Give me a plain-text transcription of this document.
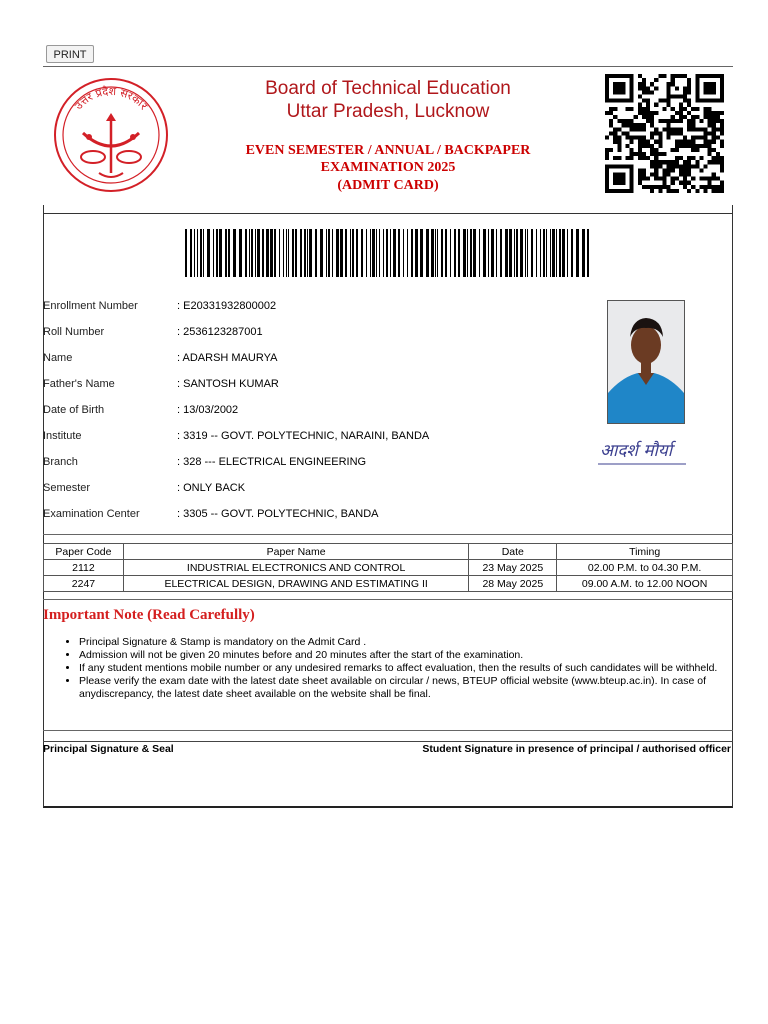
PRINT
उत्तर प्रदेश सरकार
Board of Technical Education
Uttar Pradesh, Lucknow
EVEN SEMESTER / ANNUAL / BACKPAPER
EXAMINATION 2025
(ADMIT CARD)
Enrollment Number	: E20331932800002
Roll Number	: 2536123287001
Name	: ADARSH MAURYA
Father's Name	: SANTOSH KUMAR
Date of Birth	: 13/03/2002
Institute	: 3319 -- GOVT. POLYTECHNIC, NARAINI, BANDA
Branch	: 328 --- ELECTRICAL ENGINEERING
Semester	: ONLY BACK
Examination Center	: 3305 -- GOVT. POLYTECHNIC, BANDA
आदर्श मौर्या
Paper Code	Paper Name	Date	Timing
2112	INDUSTRIAL ELECTRONICS AND CONTROL	23 May 2025	02.00 P.M. to 04.30 P.M.
2247	ELECTRICAL DESIGN, DRAWING AND ESTIMATING II	28 May 2025	09.00 A.M. to 12.00 NOON
Important Note (Read Carefully)
• Principal Signature & Stamp is mandatory on the Admit Card .
• Admission will not be given 20 minutes before and 20 minutes after the start of the examination.
• If any student mentions mobile number or any undesired remarks to affect evaluation, then the results of such candidates will be withheld.
• Please verify the exam date with the latest date sheet available on circular / news, BTEUP official website (www.bteup.ac.in). In case of anydiscrepancy, the latest date sheet available on the website shall be final.
Principal Signature & Seal	Student Signature in presence of principal / authorised officer
